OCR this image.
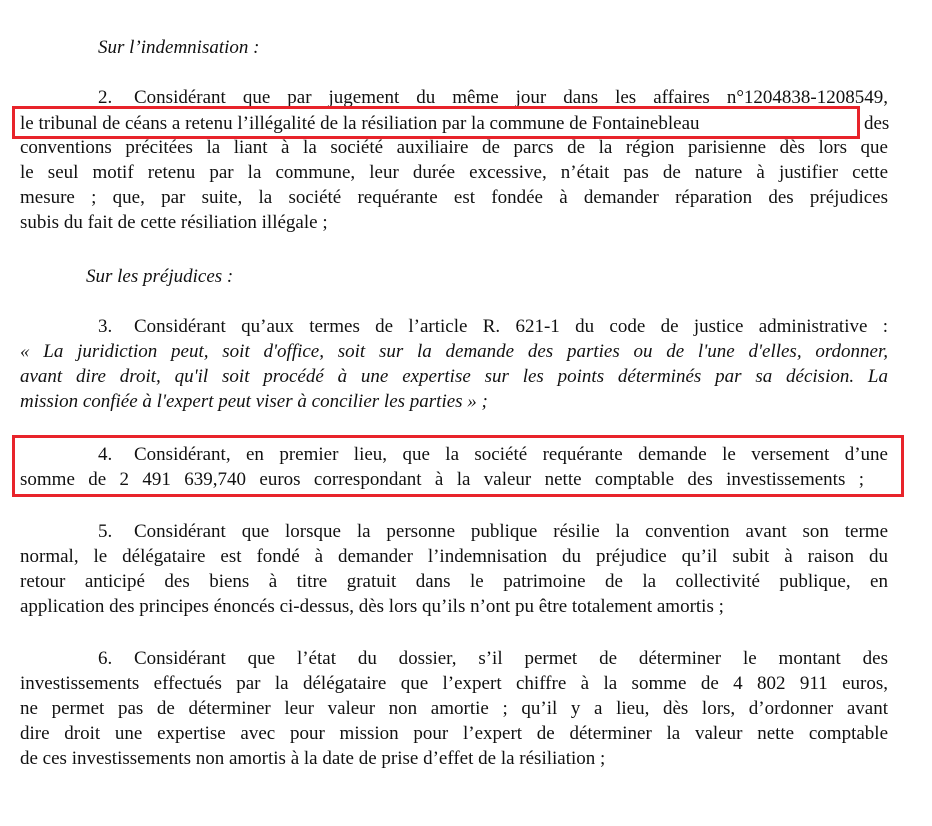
Sur l’indemnisation :
2. Considérant que par jugement du même jour dans les affaires n°1204838-1208549,
le tribunal de céans a retenu l’illégalité de la résiliation par la commune de Fontainebleau	des
conventions précitées la liant à la société auxiliaire de parcs de la région parisienne dès lors que
le seul motif retenu par la commune, leur durée excessive, n’était pas de nature à justifier cette
mesure ; que, par suite, la société requérante est fondée à demander réparation des préjudices
subis du fait de cette résiliation illégale ;
Sur les préjudices :
3. Considérant qu’aux termes de l’article R. 621-1 du code de justice administrative :
« La juridiction peut, soit d'office, soit sur la demande des parties ou de l'une d'elles, ordonner,
avant dire droit, qu'il soit procédé à une expertise sur les points déterminés par sa décision. La
mission confiée à l'expert peut viser à concilier les parties » ;
4. Considérant, en premier lieu, que la société requérante demande le versement d’une
somme de 2 491 639,740 euros correspondant à la valeur nette comptable des investissements ;
5. Considérant que lorsque la personne publique résilie la convention avant son terme
normal, le délégataire est fondé à demander l’indemnisation du préjudice qu’il subit à raison du
retour anticipé des biens à titre gratuit dans le patrimoine de la collectivité publique, en
application des principes énoncés ci-dessus, dès lors qu’ils n’ont pu être totalement amortis ;
6. Considérant que l’état du dossier, s’il permet de déterminer le montant des
investissements effectués par la délégataire que l’expert chiffre à la somme de 4 802 911 euros,
ne permet pas de déterminer leur valeur non amortie ; qu’il y a lieu, dès lors, d’ordonner avant
dire droit une expertise avec pour mission pour l’expert de déterminer la valeur nette comptable
de ces investissements non amortis à la date de prise d’effet de la résiliation ;
